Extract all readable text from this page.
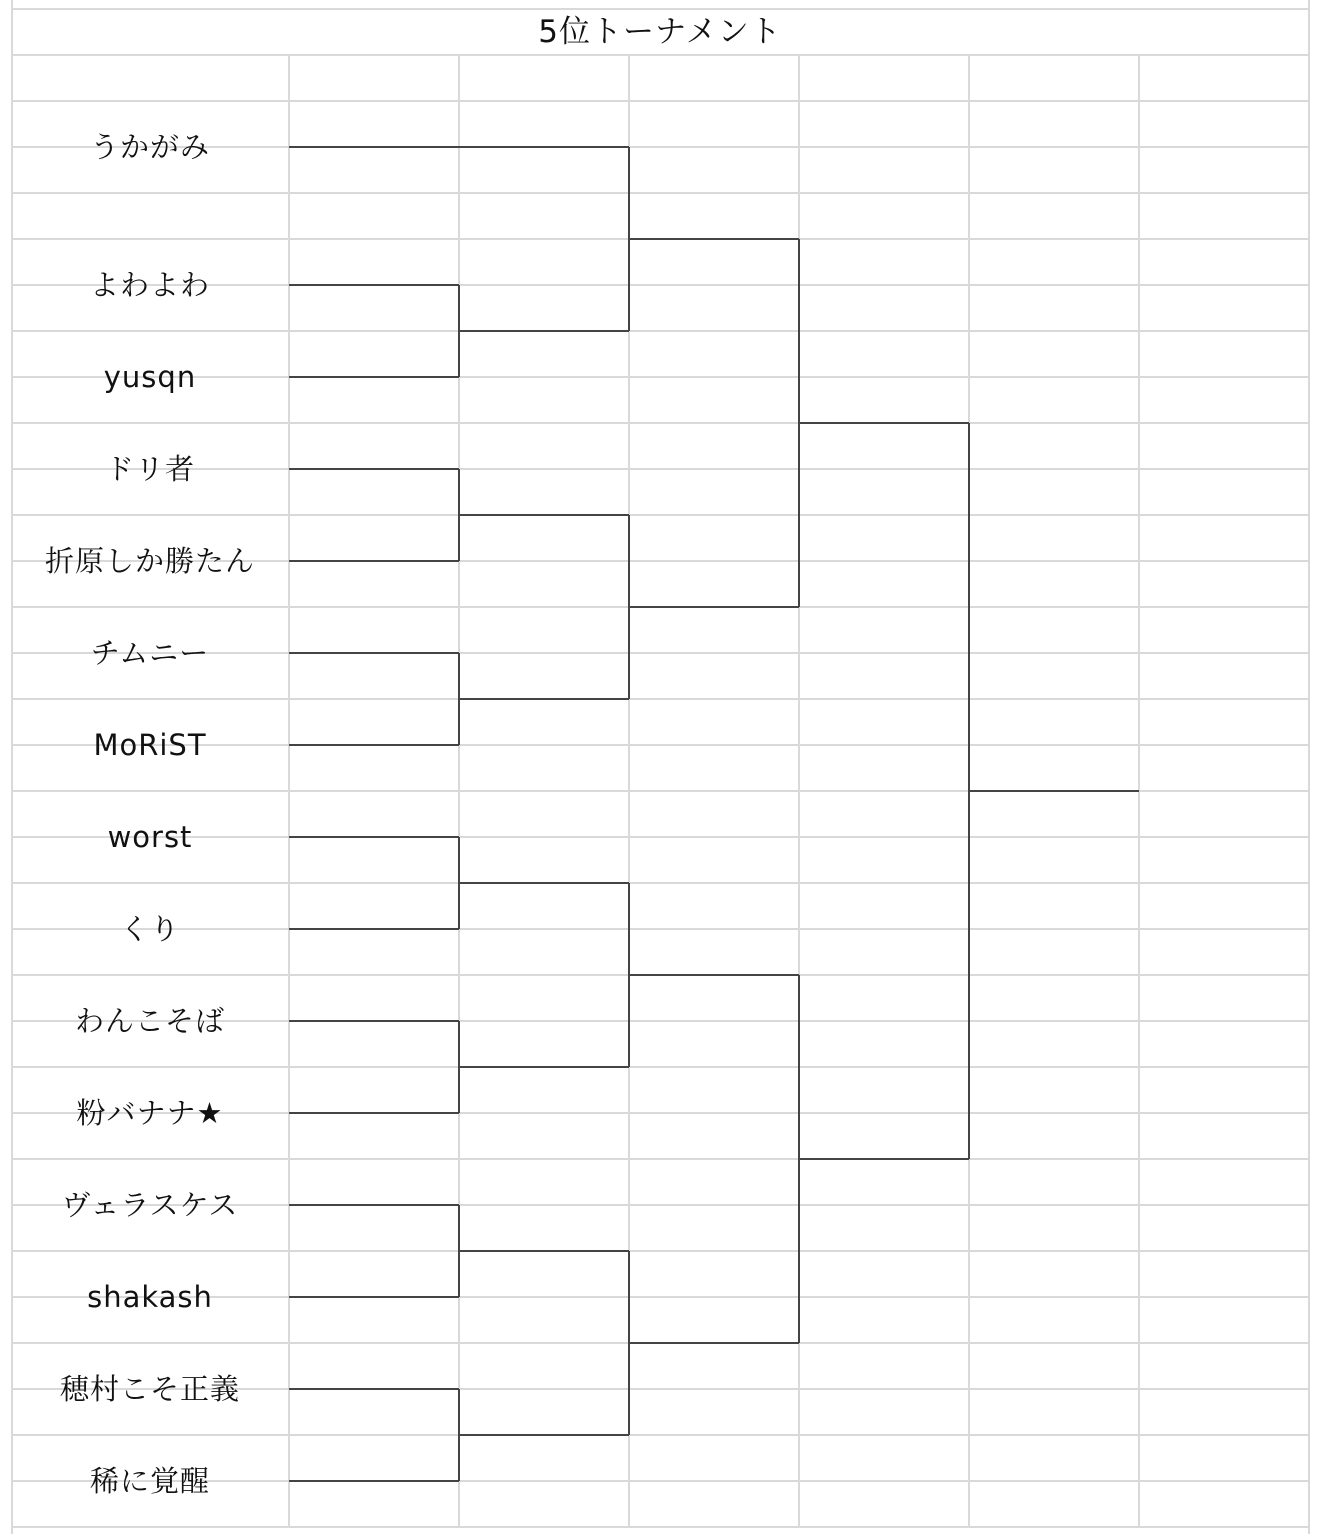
5位トーナメント
うかがみ
よわよわ
yusqn
ドリ者
折原しか勝たん
チムニー
MoRiST
worst
くり
わんこそば
粉バナナ★
ヴェラスケス
shakash
穂村こそ正義
稀に覚醒
